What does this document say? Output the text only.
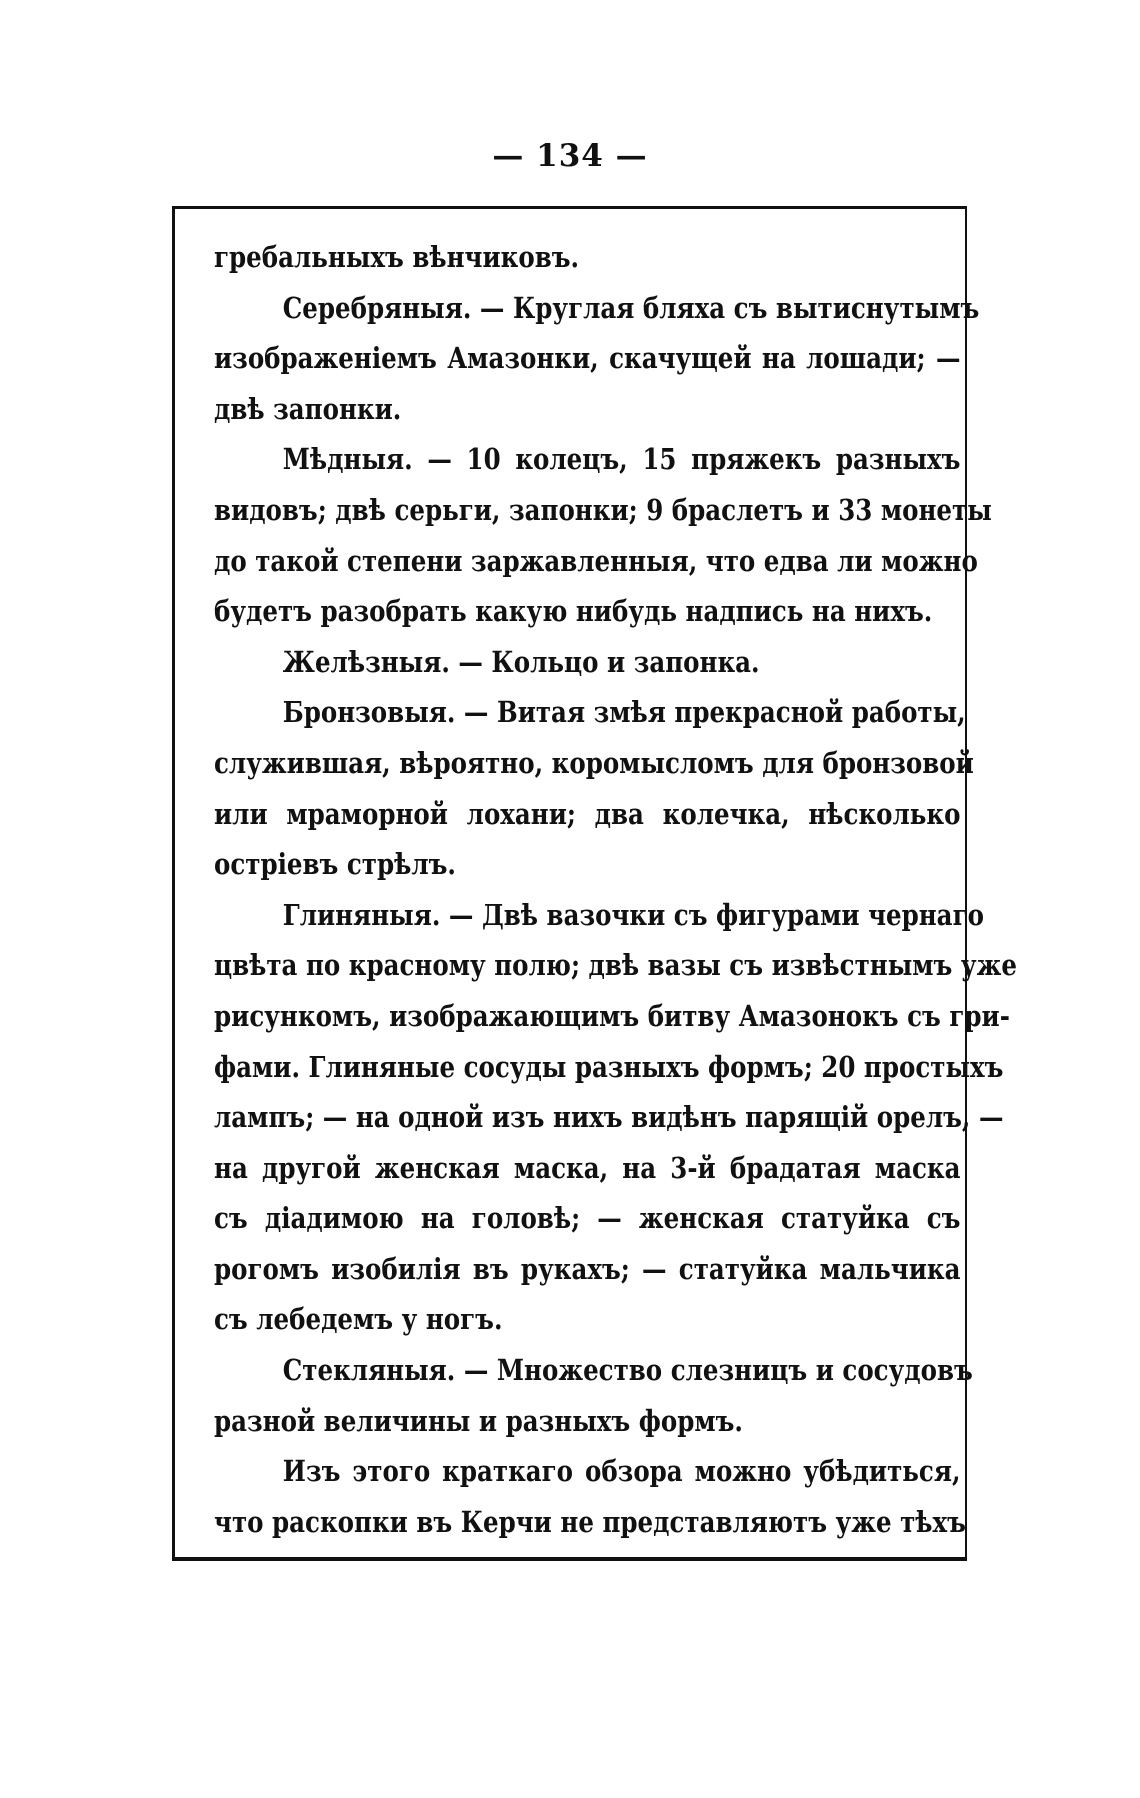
— 134 —
гребальныхъ вѣнчиковъ.
Серебряныя. — Круглая бляха съ вытиснутымъ
изображеніемъ Амазонки, скачущей на лошади; —
двѣ запонки.
Мѣдныя. — 10 колецъ, 15 пряжекъ разныхъ
видовъ; двѣ серьги, запонки; 9 браслетъ и 33 монеты
до такой степени заржавленныя, что едва ли можно
будетъ разобрать какую нибудь надпись на нихъ.
Желѣзныя. — Кольцо и запонка.
Бронзовыя. — Витая змѣя прекрасной работы,
служившая, вѣроятно, коромысломъ для бронзовой
или мраморной лохани; два колечка, нѣсколько
остріевъ стрѣлъ.
Глиняныя. — Двѣ вазочки съ фигурами чернаго
цвѣта по красному полю; двѣ вазы съ извѣстнымъ уже
рисункомъ, изображающимъ битву Амазонокъ съ гри-
фами. Глиняные сосуды разныхъ формъ; 20 простыхъ
лампъ; — на одной изъ нихъ видѣнъ парящій орелъ, —
на другой женская маска, на 3-й брадатая маска
съ діадимою на головѣ; — женская статуйка съ
рогомъ изобилія въ рукахъ; — статуйка мальчика
съ лебедемъ у ногъ.
Стекляныя. — Множество слезницъ и сосудовъ
разной величины и разныхъ формъ.
Изъ этого краткаго обзора можно убѣдиться,
что раскопки въ Керчи не представляютъ уже тѣхъ
